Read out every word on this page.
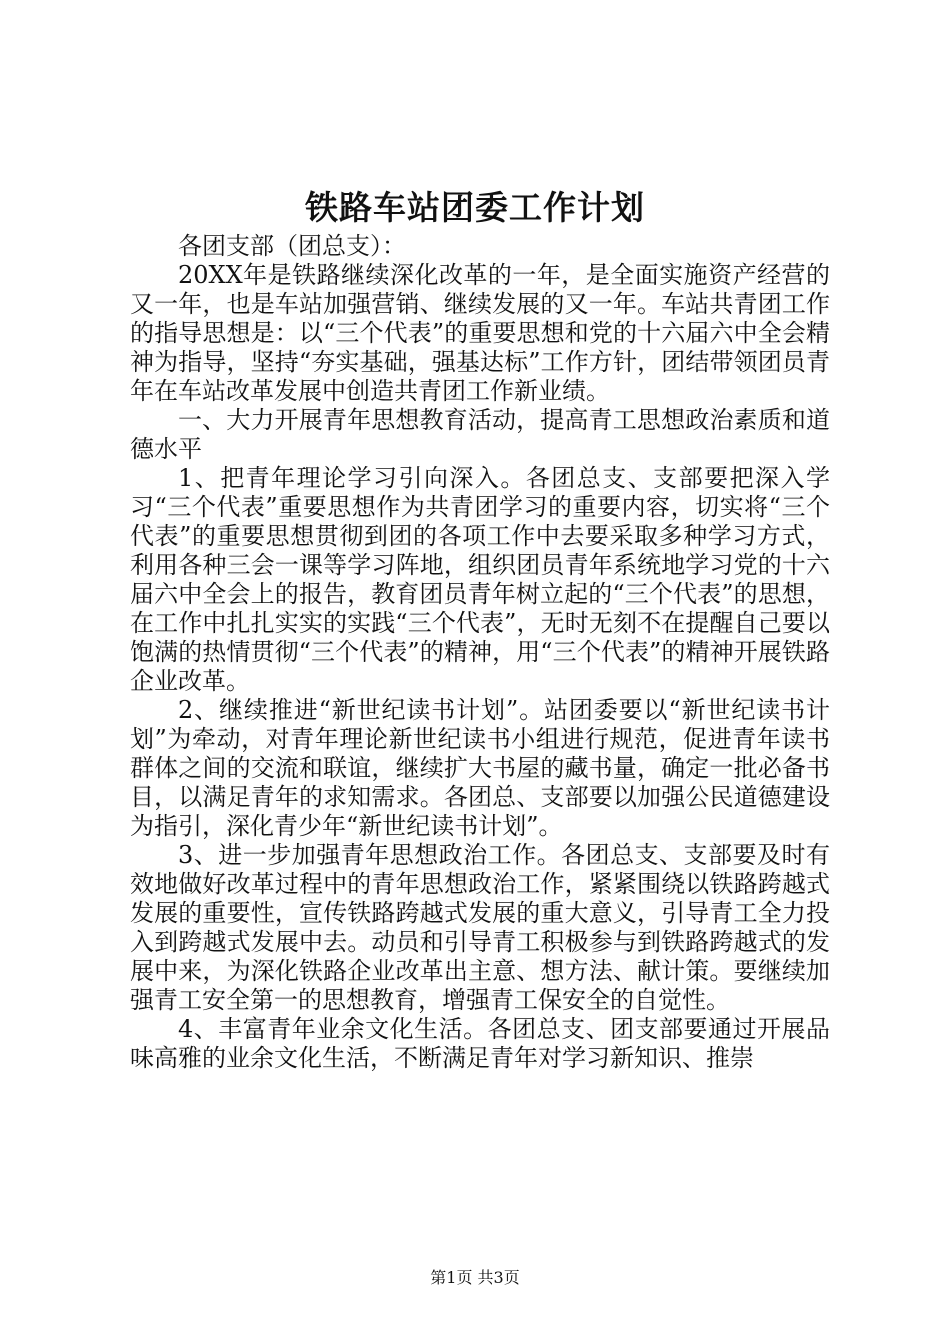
铁路车站团委工作计划

各团支部（团总支）：

20XX年是铁路继续深化改革的一年，是全面实施资产经营的又一年，也是车站加强营销、继续发展的又一年。车站共青团工作的指导思想是：以“三个代表”的重要思想和党的十六届六中全会精神为指导，坚持“夯实基础，强基达标”工作方针，团结带领团员青年在车站改革发展中创造共青团工作新业绩。

一、大力开展青年思想教育活动，提高青工思想政治素质和道德水平

1、把青年理论学习引向深入。各团总支、支部要把深入学习“三个代表”重要思想作为共青团学习的重要内容，切实将“三个代表”的重要思想贯彻到团的各项工作中去要采取多种学习方式，利用各种三会一课等学习阵地，组织团员青年系统地学习党的十六届六中全会上的报告，教育团员青年树立起的“三个代表”的思想，在工作中扎扎实实的实践“三个代表”，无时无刻不在提醒自己要以饱满的热情贯彻“三个代表”的精神，用“三个代表”的精神开展铁路企业改革。

2、继续推进“新世纪读书计划”。站团委要以“新世纪读书计划”为牵动，对青年理论新世纪读书小组进行规范，促进青年读书群体之间的交流和联谊，继续扩大书屋的藏书量，确定一批必备书目，以满足青年的求知需求。各团总、支部要以加强公民道德建设为指引，深化青少年“新世纪读书计划”。

3、进一步加强青年思想政治工作。各团总支、支部要及时有效地做好改革过程中的青年思想政治工作，紧紧围绕以铁路跨越式发展的重要性，宣传铁路跨越式发展的重大意义，引导青工全力投入到跨越式发展中去。动员和引导青工积极参与到铁路跨越式的发展中来，为深化铁路企业改革出主意、想方法、献计策。要继续加强青工安全第一的思想教育，增强青工保安全的自觉性。

4、丰富青年业余文化生活。各团总支、团支部要通过开展品味高雅的业余文化生活，不断满足青年对学习新知识、推崇

第1页 共3页
